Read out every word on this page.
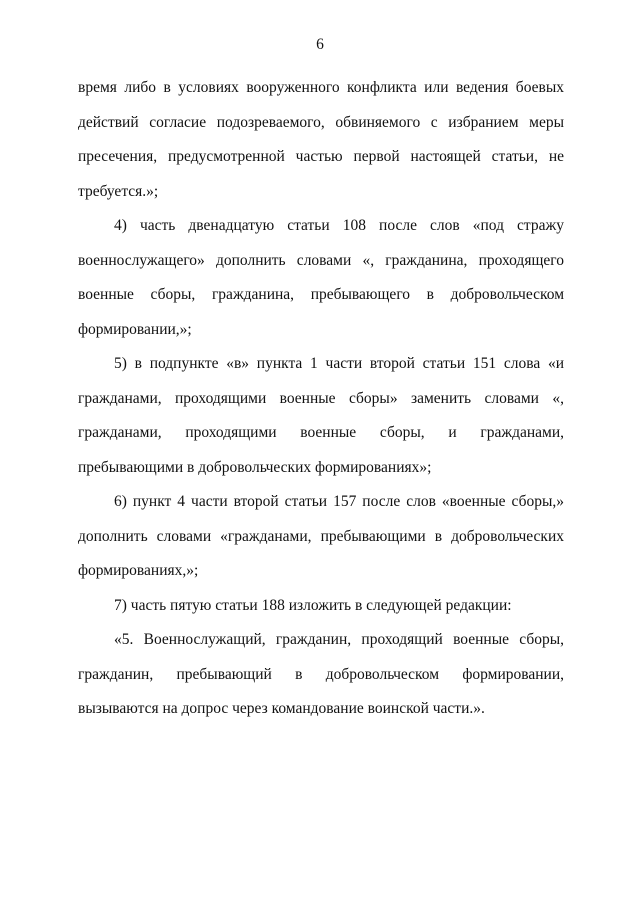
6

время либо в условиях вооруженного конфликта или ведения боевых действий согласие подозреваемого, обвиняемого с избранием меры пресечения, предусмотренной частью первой настоящей статьи, не требуется.»;

4) часть двенадцатую статьи 108 после слов «под стражу военнослужащего» дополнить словами «, гражданина, проходящего военные сборы, гражданина, пребывающего в добровольческом формировании,»;

5) в подпункте «в» пункта 1 части второй статьи 151 слова «и гражданами, проходящими военные сборы» заменить словами «, гражданами, проходящими военные сборы, и гражданами, пребывающими в добровольческих формированиях»;

6) пункт 4 части второй статьи 157 после слов «военные сборы,» дополнить словами «гражданами, пребывающими в добровольческих формированиях,»;

7) часть пятую статьи 188 изложить в следующей редакции:

«5. Военнослужащий, гражданин, проходящий военные сборы, гражданин, пребывающий в добровольческом формировании, вызываются на допрос через командование воинской части.».
